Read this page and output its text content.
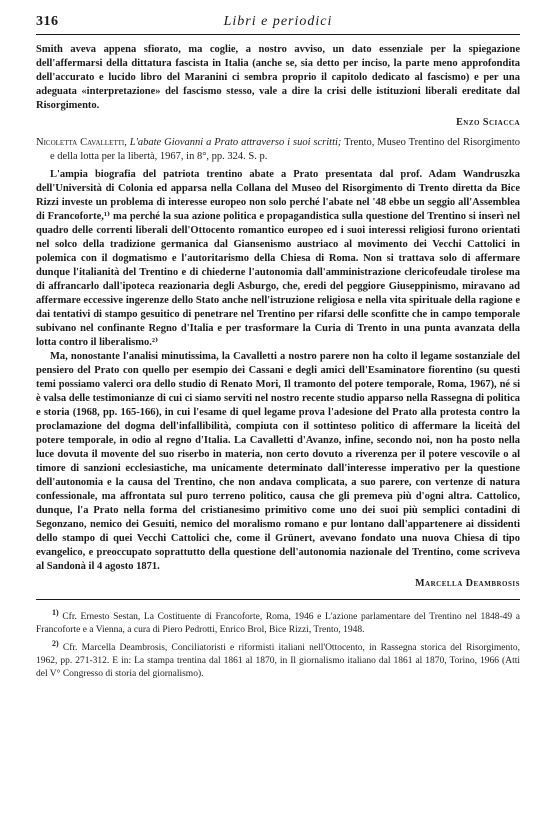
316	Libri e periodici

Smith aveva appena sfiorato, ma coglie, a nostro avviso, un dato essenziale per la spiegazione dell'affermarsi della dittatura fascista in Italia (anche se, sia detto per inciso, la parte meno approfondita dell'accurato e lucido libro del Maranini ci sembra proprio il capitolo dedicato al fascismo) e per una adeguata «interpretazione» del fascismo stesso, vale a dire la crisi delle istituzioni liberali ereditate dal Risorgimento.

Enzo Sciacca
Nicoletta Cavalletti, L'abate Giovanni a Prato attraverso i suoi scritti; Trento, Museo Trentino del Risorgimento e della lotta per la libertà, 1967, in 8°, pp. 324. S. p.

L'ampia biografia del patriota trentino abate a Prato presentata dal prof. Adam Wandruszka dell'Università di Colonia ed apparsa nella Collana del Museo del Risorgimento di Trento diretta da Bice Rizzi investe un problema di interesse europeo non solo perché l'abate nel '48 ebbe un seggio all'Assemblea di Francoforte,¹⁾ ma perché la sua azione politica e propagandistica sulla questione del Trentino si inserì nel quadro delle correnti liberali dell'Ottocento romantico europeo ed i suoi interessi religiosi furono orientati nel solco della tradizione germanica dal Giansenismo austriaco al movimento dei Vecchi Cattolici in polemica con il dogmatismo e l'autoritarismo della Chiesa di Roma. Non si trattava solo di affermare dunque l'italianità del Trentino e di chiederne l'autonomia dall'amministrazione clericofeudale tirolese ma di affrancarlo dall'ipoteca reazionaria degli Asburgo, che, eredi del peggiore Giuseppinismo, miravano ad affermare eccessive ingerenze dello Stato anche nell'istruzione religiosa e nella vita spirituale della ragione e dai tentativi di stampo gesuitico di penetrare nel Trentino per rifarsi delle sconfitte che in campo temporale subivano nel confinante Regno d'Italia e per trasformare la Curia di Trento in una punta avanzata della lotta contro il liberalismo.²⁾

Ma, nonostante l'analisi minutissima, la Cavalletti a nostro parere non ha colto il legame sostanziale del pensiero del Prato con quello per esempio dei Cassani e degli amici dell'Esaminatore fiorentino (su questi temi possiamo valerci ora dello studio di Renato Mori, Il tramonto del potere temporale, Roma, 1967), né si è valsa delle testimonianze di cui ci siamo serviti nel nostro recente studio apparso nella Rassegna di politica e storia (1968, pp. 165-166), in cui l'esame di quel legame prova l'adesione del Prato alla protesta contro la proclamazione del dogma dell'infallibilità, compiuta con il sottinteso politico di affermare la liceità del potere temporale, in odio al regno d'Italia. La Cavalletti d'Avanzo, infine, secondo noi, non ha posto nella luce dovuta il movente del suo riserbo in materia, non certo dovuto a riverenza per il potere vescovile o al timore di sanzioni ecclesiastiche, ma unicamente determinato dall'interesse imperativo per la questione dell'autonomia e la causa del Trentino, che non andava complicata, a suo parere, con vertenze di natura confessionale, ma affrontata sul puro terreno politico, causa che gli premeva più d'ogni altra. Cattolico, dunque, l'a Prato nella forma del cristianesimo primitivo come uno dei suoi più semplici contadini di Segonzano, nemico dei Gesuiti, nemico del moralismo romano e pur lontano dall'appartenere ai dissidenti dello stampo di quei Vecchi Cattolici che, come il Grünert, avevano fondato una nuova Chiesa di tipo evangelico, e preoccupato soprattutto della questione dell'autonomia nazionale del Trentino, come scriveva al Sandonà il 4 agosto 1871.

Marcella Deambrosis

$^{1)}$ Cfr. Ernesto Sestan, La Costituente di Francoforte, Roma, 1946 e L'azione parlamentare del Trentino nel 1848-49 a Francoforte e a Vienna, a cura di Piero Pedrotti, Enrico Brol, Bice Rizzi, Trento, 1948.

$^{2)}$ Cfr. Marcella Deambrosis, Conciliatoristi e riformisti italiani nell'Ottocento, in Rassegna storica del Risorgimento, 1962, pp. 271-312. E in: La stampa trentina dal 1861 al 1870, in Il giornalismo italiano dal 1861 al 1870, Torino, 1966 (Atti del V° Congresso di storia del giornalismo).
